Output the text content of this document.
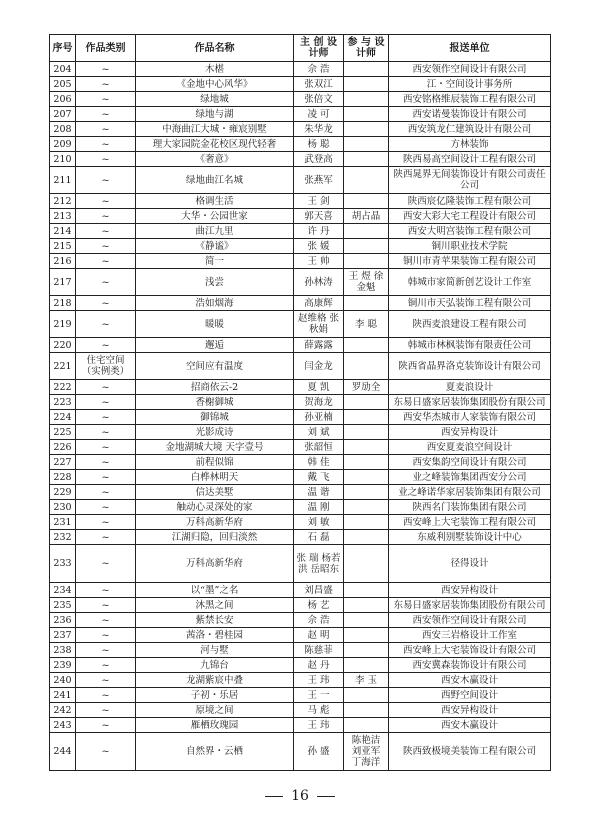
序号	作品类别	作品名称	主 创 设计师	参 与 设计师	报送单位
204	~	木椹	佘 浩		西安领作空间设计有限公司
205	~	《金地中心风华》	张双江		江・空间设计事务所
206	~	绿地城	张倍文		西安铭格维辰装饰工程有限公司
207	~	绿地与湖	凌 可		西安诺曼装饰设计有限公司
208	~	中海曲江大城・雍宸别墅	朱华龙		西安筑龙仁建筑设计有限公司
209	~	理大家园院金花校区现代轻奢	杨 聪		方林装饰
210	~	《奢意》	武登高		陕西易高空间设计工程有限公司
211	~	绿地曲江名城	张燕军		陕西晁界无间装饰设计有限公司责任公司
212	~	格调生活	王 剑		陕西宸亿隆装饰工程有限公司
213	~	大华・公园世家	郭天喜	胡占晶	西安大彩大宅工程设计有限公司
214	~	曲江九里	许 丹		西安大明宫装饰工程有限公司
215	~	《静谧》	张 媛		铜川职业技术学院
216	~	简一	王 帅		铜川市青苹果装饰工程有限公司
217	~	浅尝	孙林涛	王 煜 徐金魁	韩城市家简新创艺设计工作室
218	~	浩如烟海	高康辉		铜川市天弘装饰工程有限公司
219	~	暖暖	赵维格 张秋娟	李 聪	陕西麦浪建设工程有限公司
220	~	邂逅	薛露露		韩城市林枫装饰有限责任公司
221	住宅空间（实例类）	空间应有温度	闫金龙		陕西省晶界洛克装饰设计有限公司
222	~	招商依云-2	夏 凯	罗劢全	夏麦浪设计
223	~	香榭御城	贺海龙		东易日盛家居装饰集团股份有限公司
224	~	御锦城	孙亚楠		西安华杰城市人家装饰有限公司
225	~	光影成诗	刘 斌		西安异构设计
226	~	金地湖城大境 天字壹号	张韶恒		西安夏麦浪空间设计
227	~	前程似锦	韩 佳		西安集韵空间设计有限公司
228	~	白桦林明天	戴 飞		业之峰装饰集团西安分公司
229	~	信达美墅	温 谐		业之峰诺华家居装饰集团有限公司
230	~	触动心灵深处的家	温 刚		陕西名门装饰集团有限公司
231	~	万科高新华府	刘 敏		西安峰上大宅装饰工程有限公司
232	~	江湖归隐，回归淡然	石 磊		东威利别墅装饰设计中心
233	~	万科高新华府	张 瑞 杨若洪 岳昭东		径得设计
234	~	以“墨”之名	刘昌盛		西安异构设计
235	~	沐黑之间	杨 艺		东易日盛家居装饰集团股份有限公司
236	~	紫禁长安	佘 浩		西安领作空间设计有限公司
237	~	茜洛・碧桂园	赵 明		西安三岩格设计工作室
238	~	河与墅	陈慈菲		西安峰上大宅装饰设计有限公司
239	~	九锦台	赵 丹		西安冀森装饰设计有限公司
240	~	龙湖紫宸中叠	王 玮	李 玉	西安木赢设计
241	~	子初・乐居	王 一		西野空间设计
242	~	原境之间	马 彪		西安异构设计
243	~	雁栖玫瑰园	王 玮		西安木赢设计
244	~	自然界・云栖	孙 盛	陈艳洁 刘亚军 丁海洋	陕西致极境美装饰工程有限公司
16
